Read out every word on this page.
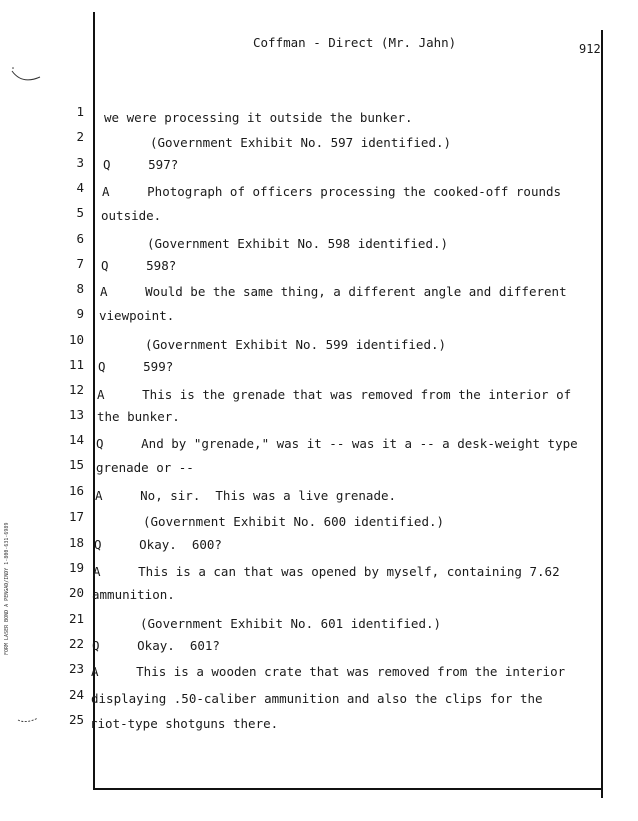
Coffman - Direct (Mr. Jahn)	912
FORM LASER BOND A PENGAD/INDY 1-800-631-6989
1 we were processing it outside the bunker.
2	(Government Exhibit No. 597 identified.)
3 Q     597?
4 A     Photograph of officers processing the cooked-off rounds
5 outside.
6	(Government Exhibit No. 598 identified.)
7 Q     598?
8 A     Would be the same thing, a different angle and different
9 viewpoint.
10	(Government Exhibit No. 599 identified.)
11 Q     599?
12 A     This is the grenade that was removed from the interior of
13 the bunker.
14 Q     And by "grenade," was it -- was it a -- a desk-weight type
15 grenade or --
16 A     No, sir.  This was a live grenade.
17	(Government Exhibit No. 600 identified.)
18 Q     Okay.  600?
19 A     This is a can that was opened by myself, containing 7.62
20 ammunition.
21	(Government Exhibit No. 601 identified.)
22 Q     Okay.  601?
23 A     This is a wooden crate that was removed from the interior
24 displaying .50-caliber ammunition and also the clips for the
25 riot-type shotguns there.
